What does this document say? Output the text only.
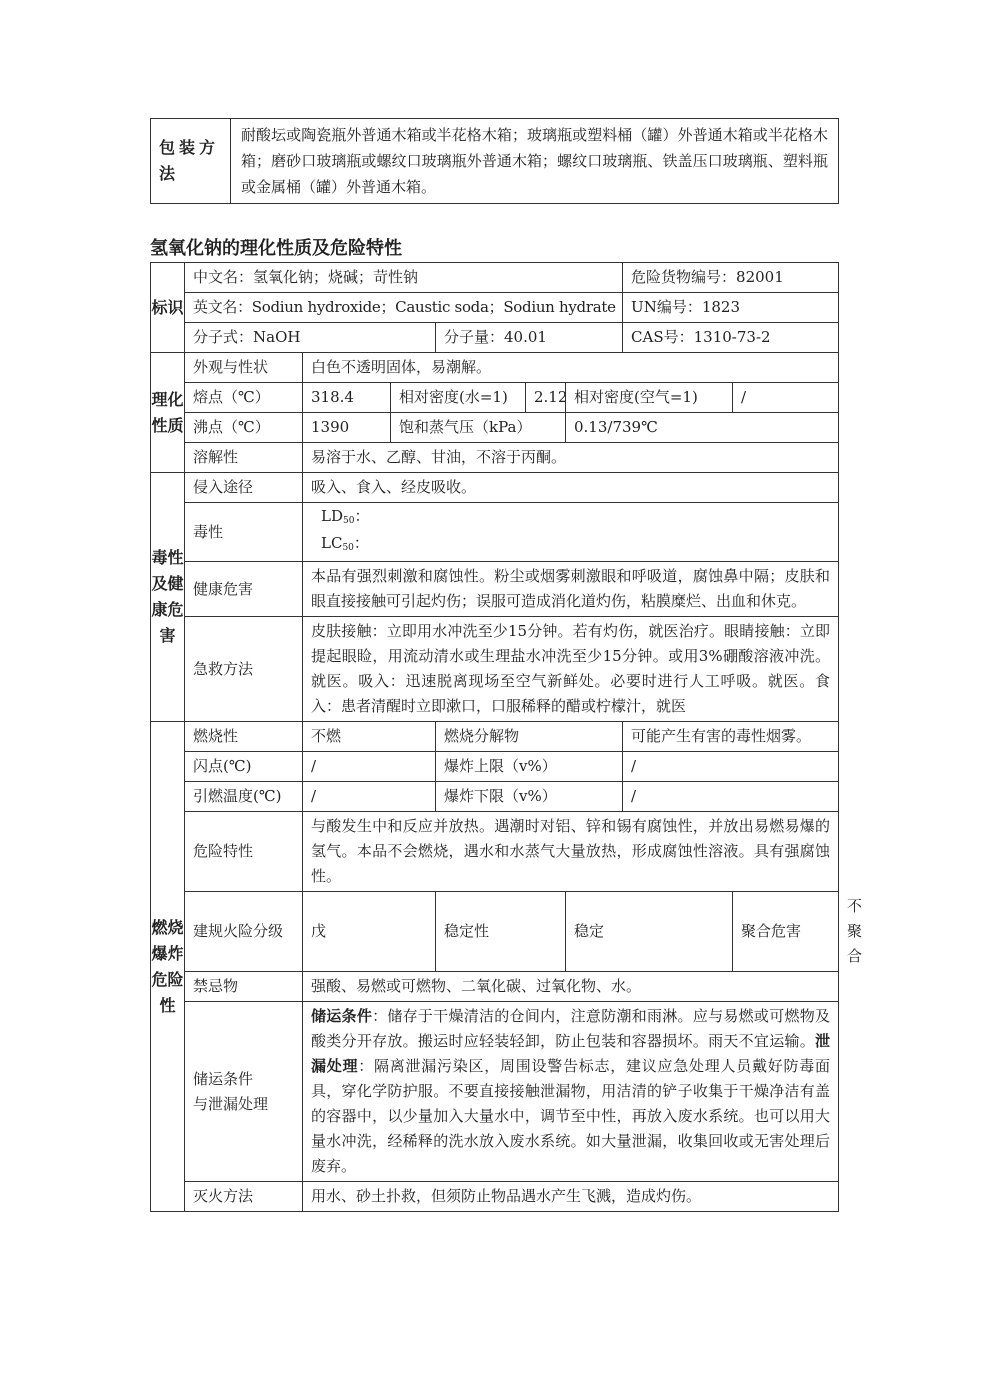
包装方法	耐酸坛或陶瓷瓶外普通木箱或半花格木箱；玻璃瓶或塑料桶（罐）外普通木箱或半花格木箱；磨砂口玻璃瓶或螺纹口玻璃瓶外普通木箱；螺纹口玻璃瓶、铁盖压口玻璃瓶、塑料瓶或金属桶（罐）外普通木箱。
氢氧化钠的理化性质及危险特性
标识	中文名：氢氧化钠；烧碱；苛性钠						危险货物编号：82001		
	英文名：Sodiun hydroxide；Caustic soda；Sodiun hydrate						UN编号：1823		
	分子式：NaOH			分子量：40.01			CAS号：1310-73-2		
理化性质	外观与性状	白色不透明固体，易潮解。							
	熔点（℃）	318.4	相对密度(水=1)		2.12	相对密度(空气=1)		/	
	沸点（℃）	1390	饱和蒸气压（kPa）			0.13/739℃			
	溶解性	易溶于水、乙醇、甘油，不溶于丙酮。							
毒性及健康危害	侵入途径	吸入、食入、经皮吸收。							
	毒性	$LD_{50}$：
$LC_{50}$：							

	健康危害	本品有强烈刺激和腐蚀性。粉尘或烟雾刺激眼和呼吸道，腐蚀鼻中隔；皮肤和眼直接接触可引起灼伤；误服可造成消化道灼伤，粘膜糜烂、出血和休克。							
	急救方法	皮肤接触：立即用水冲洗至少15分钟。若有灼伤，就医治疗。眼睛接触：立即提起眼睑，用流动清水或生理盐水冲洗至少15分钟。或用3%硼酸溶液冲洗。就医。吸入：迅速脱离现场至空气新鲜处。必要时进行人工呼吸。就医。食入：患者清醒时立即漱口，口服稀释的醋或柠檬汁，就医							
燃烧爆炸危险性	燃烧性	不燃		燃烧分解物			可能产生有害的毒性烟雾。		
	闪点(℃)	/		爆炸上限（v%）			/		
	引燃温度(℃)	/		爆炸下限（v%）			/		
	危险特性	与酸发生中和反应并放热。遇潮时对铝、锌和锡有腐蚀性，并放出易燃易爆的氢气。本品不会燃烧，遇水和水蒸气大量放热，形成腐蚀性溶液。具有强腐蚀性。							
	建规火险分级	戊		稳定性		稳定		聚合危害	不聚合
	禁忌物	强酸、易燃或可燃物、二氧化碳、过氧化物、水。							

	储运条件
与泄漏处理	储运条件：储存于干燥清洁的仓间内，注意防潮和雨淋。应与易燃或可燃物及酸类分开存放。搬运时应轻装轻卸，防止包装和容器损坏。雨天不宜运输。泄漏处理：隔离泄漏污染区，周围设警告标志，建议应急处理人员戴好防毒面具，穿化学防护服。不要直接接触泄漏物，用洁清的铲子收集于干燥净洁有盖的容器中，以少量加入大量水中，调节至中性，再放入废水系统。也可以用大量水冲洗，经稀释的洗水放入废水系统。如大量泄漏，收集回收或无害处理后废弃。							
	灭火方法	用水、砂土扑救，但须防止物品遇水产生飞溅，造成灼伤。							
